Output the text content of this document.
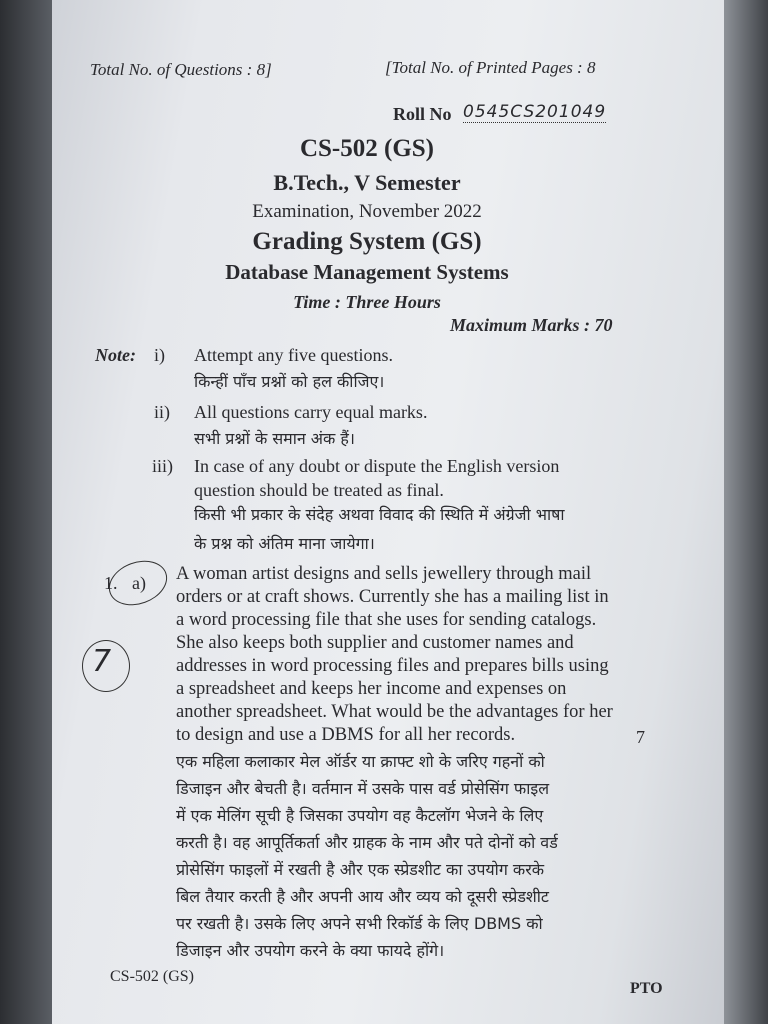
Total No. of Questions : 8]	[Total No. of Printed Pages : 8
Roll No 0545CS201049
CS-502 (GS)
B.Tech., V Semester
Examination, November 2022
Grading System (GS)
Database Management Systems
Time : Three Hours
Maximum Marks : 70
Note: i) Attempt any five questions.
किन्हीं पाँच प्रश्नों को हल कीजिए।
ii) All questions carry equal marks.
सभी प्रश्नों के समान अंक हैं।
iii) In case of any doubt or dispute the English version
question should be treated as final.
किसी भी प्रकार के संदेह अथवा विवाद की स्थिति में अंग्रेजी भाषा
के प्रश्न को अंतिम माना जायेगा।
1. a)
7
A woman artist designs and sells jewellery through mail
orders or at craft shows. Currently she has a mailing list in
a word processing file that she uses for sending catalogs.
She also keeps both supplier and customer names and
addresses in word processing files and prepares bills using
a spreadsheet and keeps her income and expenses on
another spreadsheet. What would be the advantages for her
to design and use a DBMS for all her records.	7
एक महिला कलाकार मेल ऑर्डर या क्राफ्ट शो के जरिए गहनों को
डिजाइन और बेचती है। वर्तमान में उसके पास वर्ड प्रोसेसिंग फाइल
में एक मेलिंग सूची है जिसका उपयोग वह कैटलॉग भेजने के लिए
करती है। वह आपूर्तिकर्ता और ग्राहक के नाम और पते दोनों को वर्ड
प्रोसेसिंग फाइलों में रखती है और एक स्प्रेडशीट का उपयोग करके
बिल तैयार करती है और अपनी आय और व्यय को दूसरी स्प्रेडशीट
पर रखती है। उसके लिए अपने सभी रिकॉर्ड के लिए DBMS को
डिजाइन और उपयोग करने के क्या फायदे होंगे।
CS-502 (GS)
PTO
